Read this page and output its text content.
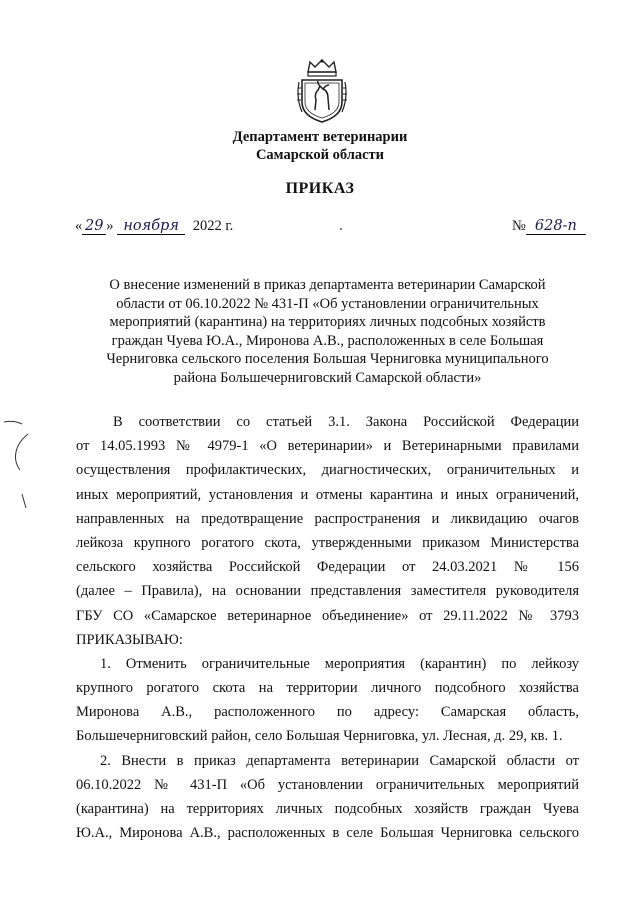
Департамент ветеринарии
Самарской области
ПРИКАЗ
« 29 » ноября 2022 г.	№ 628-п
О внесение изменений в приказ департамента ветеринарии Самарской
области от 06.10.2022 № 431-П «Об установлении ограничительных
мероприятий (карантина) на территориях личных подсобных хозяйств
граждан Чуева Ю.А., Миронова А.В., расположенных в селе Большая
Черниговка сельского поселения Большая Черниговка муниципального
района Большечерниговский Самарской области»
В соответствии со статьей 3.1. Закона Российской Федерации
от 14.05.1993 № 4979-1 «О ветеринарии» и Ветеринарными правилами
осуществления профилактических, диагностических, ограничительных и
иных мероприятий, установления и отмены карантина и иных ограничений,
направленных на предотвращение распространения и ликвидацию очагов
лейкоза крупного рогатого скота, утвержденными приказом Министерства
сельского хозяйства Российской Федерации от 24.03.2021 № 156
(далее – Правила), на основании представления заместителя руководителя
ГБУ СО «Самарское ветеринарное объединение» от 29.11.2022 № 3793
ПРИКАЗЫВАЮ:
1. Отменить ограничительные мероприятия (карантин) по лейкозу
крупного рогатого скота на территории личного подсобного хозяйства
Миронова А.В., расположенного по адресу: Самарская область,
Большечерниговский район, село Большая Черниговка, ул. Лесная, д. 29, кв. 1.
2. Внести в приказ департамента ветеринарии Самарской области от
06.10.2022 № 431-П «Об установлении ограничительных мероприятий
(карантина) на территориях личных подсобных хозяйств граждан Чуева
Ю.А., Миронова А.В., расположенных в селе Большая Черниговка сельского
